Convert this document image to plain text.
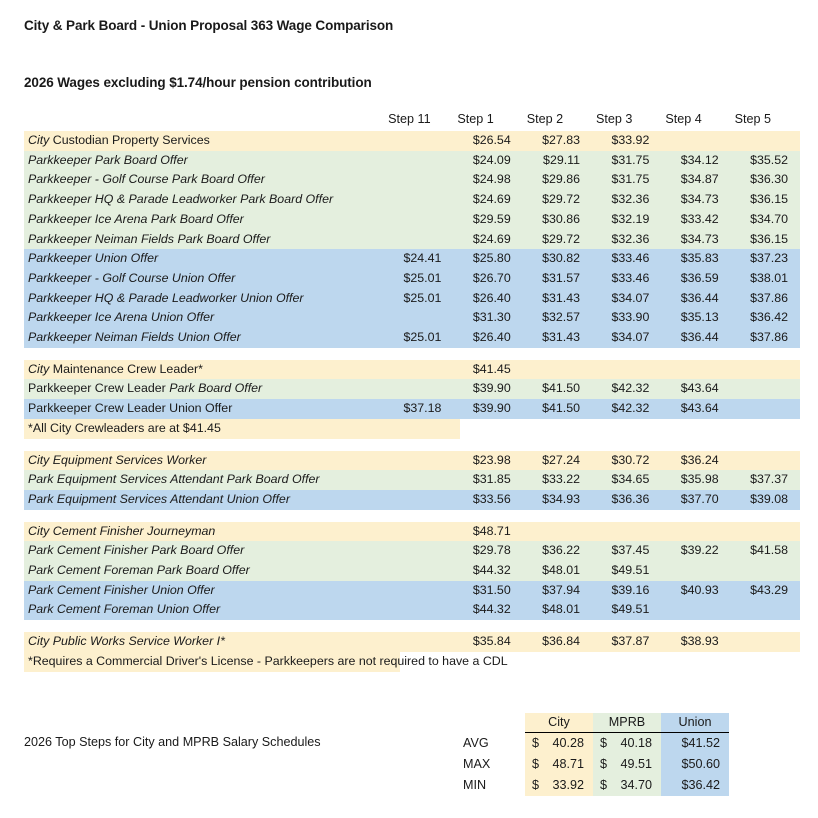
City & Park Board - Union Proposal 363 Wage Comparison
2026 Wages excluding $1.74/hour pension contribution
	Step 11	Step 1	Step 2	Step 3	Step 4	Step 5
City Custodian Property Services		$26.54	$27.83	$33.92		
Parkkeeper Park Board Offer		$24.09	$29.11	$31.75	$34.12	$35.52
Parkkeeper - Golf Course Park Board Offer		$24.98	$29.86	$31.75	$34.87	$36.30
Parkkeeper HQ & Parade Leadworker Park Board Offer		$24.69	$29.72	$32.36	$34.73	$36.15
Parkkeeper Ice Arena Park Board Offer		$29.59	$30.86	$32.19	$33.42	$34.70
Parkkeeper Neiman Fields Park Board Offer		$24.69	$29.72	$32.36	$34.73	$36.15
Parkkeeper Union Offer	$24.41	$25.80	$30.82	$33.46	$35.83	$37.23
Parkkeeper - Golf Course Union Offer	$25.01	$26.70	$31.57	$33.46	$36.59	$38.01
Parkkeeper HQ & Parade Leadworker Union Offer	$25.01	$26.40	$31.43	$34.07	$36.44	$37.86
Parkkeeper Ice Arena Union Offer		$31.30	$32.57	$33.90	$35.13	$36.42
Parkkeeper Neiman Fields Union Offer	$25.01	$26.40	$31.43	$34.07	$36.44	$37.86

City Maintenance Crew Leader*		$41.45				
Parkkeeper Crew Leader Park Board Offer		$39.90	$41.50	$42.32	$43.64	
Parkkeeper Crew Leader Union Offer	$37.18	$39.90	$41.50	$42.32	$43.64	
*All City Crewleaders are at $41.45						

City Equipment Services Worker		$23.98	$27.24	$30.72	$36.24	
Park Equipment Services Attendant Park Board Offer		$31.85	$33.22	$34.65	$35.98	$37.37
Park Equipment Services Attendant Union Offer		$33.56	$34.93	$36.36	$37.70	$39.08

City Cement Finisher Journeyman		$48.71				
Park Cement Finisher Park Board Offer		$29.78	$36.22	$37.45	$39.22	$41.58
Park Cement Foreman Park Board Offer		$44.32	$48.01	$49.51		
Park Cement Finisher Union Offer		$31.50	$37.94	$39.16	$40.93	$43.29
Park Cement Foreman Union Offer		$44.32	$48.01	$49.51		

City Public Works Service Worker I*		$35.84	$36.84	$37.87	$38.93	
*Requires a Commercial Driver's License - Parkkeepers are not required to have a CDL						
2026 Top Steps for City and MPRB Salary Schedules
	City	MPRB	Union
AVG	$ 40.28	$ 40.18	$41.52
MAX	$ 48.71	$ 49.51	$50.60
MIN	$ 33.92	$ 34.70	$36.42
